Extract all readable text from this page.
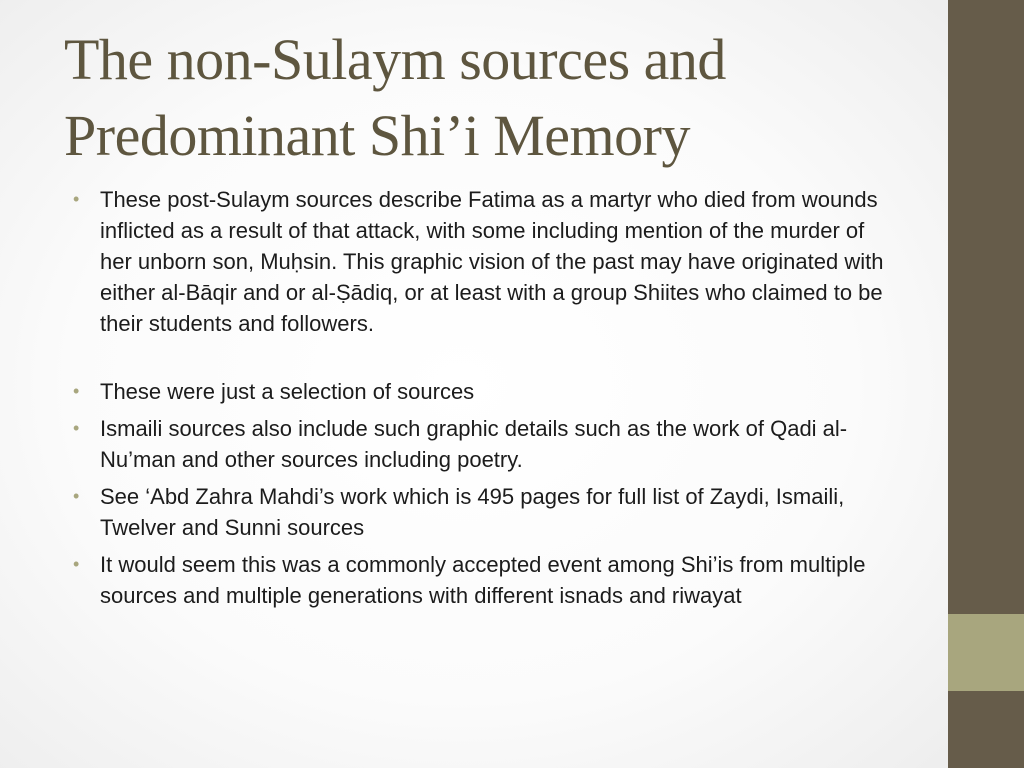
The non-Sulaym sources and
Predominant Shi’i Memory
• These post-Sulaym sources describe Fatima as a martyr who died from wounds inflicted as a result of that attack, with some including mention of the murder of her unborn son, Muḥsin. This graphic vision of the past may have originated with either al-Bāqir and or al-Ṣādiq, or at least with a group Shiites who claimed to be their students and followers.
• These were just a selection of sources
• Ismaili sources also include such graphic details such as the work of Qadi al-Nu’man and other sources including poetry.
• See ‘Abd Zahra Mahdi’s work which is 495 pages for full list of Zaydi, Ismaili, Twelver and Sunni sources
• It would seem this was a commonly accepted event among Shi’is from multiple sources and multiple generations with different isnads and riwayat
